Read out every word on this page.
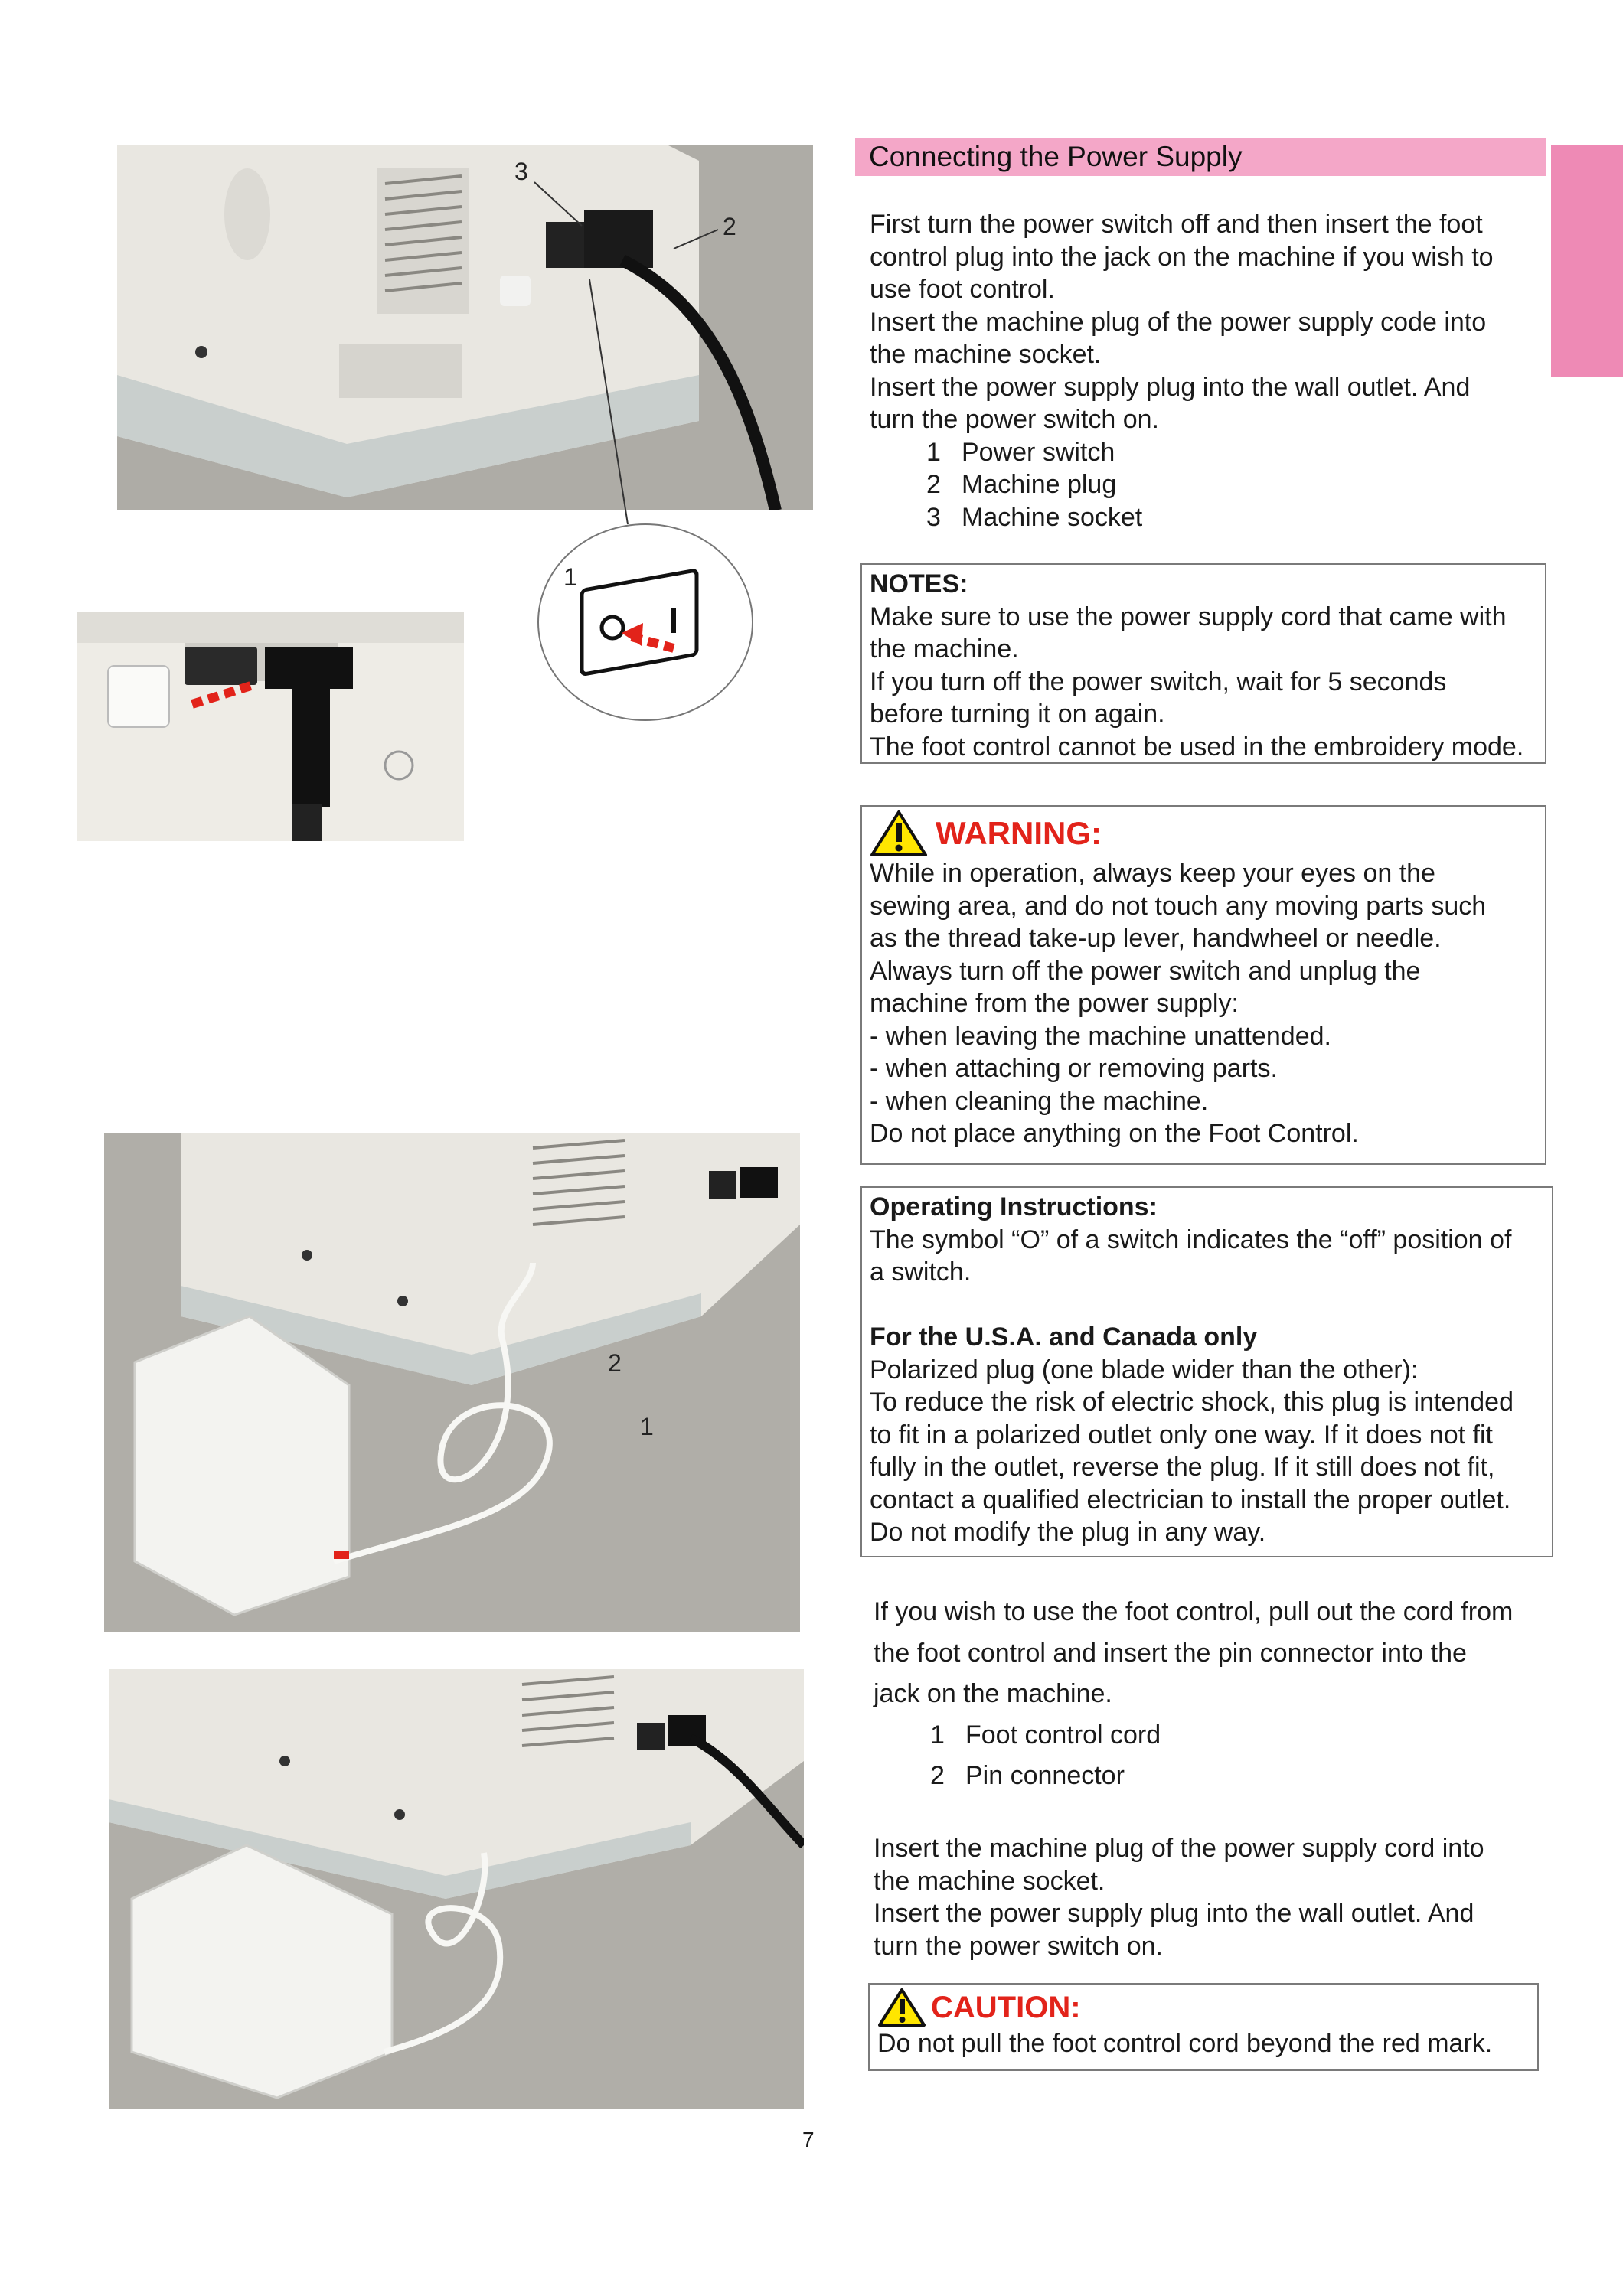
3
2
1
Connecting the Power Supply

First turn the power switch off and then insert the foot

control plug into the jack on the machine if you wish to

use foot control.

Insert the machine plug of the power supply code into

the machine socket.

Insert the power supply plug into the wall outlet. And

turn the power switch on.

1 Power switch
2 Machine plug
3 Machine socket

NOTES:

Make sure to use the power supply cord that came with

the machine.

If you turn off the power switch, wait for 5 seconds

before turning it on again.

The foot control cannot be used in the embroidery mode.

WARNING:

While in operation, always keep your eyes on the

sewing area, and do not touch any moving parts such

as the thread take-up lever, handwheel or needle.

Always turn off the power switch and unplug the

machine from the power supply:

- when leaving the machine unattended.

- when attaching or removing parts.

- when cleaning the machine.

Do not place anything on the Foot Control.

2
1

Operating Instructions:

The symbol “O” of a switch indicates the “off” position of

a switch.

For the U.S.A. and Canada only

Polarized plug (one blade wider than the other):

To reduce the risk of electric shock, this plug is intended

to fit in a polarized outlet only one way. If it does not fit

fully in the outlet, reverse the plug. If it still does not fit,

contact a qualified electrician to install the proper outlet.

Do not modify the plug in any way.

If you wish to use the foot control, pull out the cord from

the foot control and insert the pin connector into the

jack on the machine.

1 Foot control cord
2 Pin connector

Insert the machine plug of the power supply cord into

the machine socket.

Insert the power supply plug into the wall outlet. And

turn the power switch on.

CAUTION:

Do not pull the foot control cord beyond the red mark.

7
